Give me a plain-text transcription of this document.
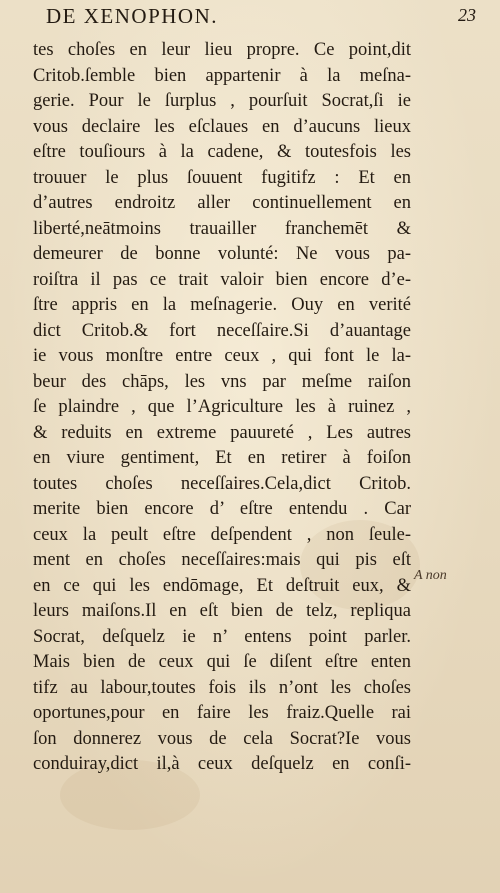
DE XENOPHON.	23
tes choſes en leur lieu propre. Ce point,dit
Critob.ſemble bien appartenir à la meſna-
gerie. Pour le ſurplus , pourſuit Socrat,ſi ie
vous declaire les eſclaues en d’aucuns lieux
eſtre touſiours à la cadene, & toutesfois les
trouuer le plus ſouuent fugitifz : Et en
d’autres endroitz aller continuellement en
liberté,neātmoins trauailler franchemēt &
demeurer de bonne volunté: Ne vous pa-
roiſtra il pas ce trait valoir bien encore d’e-
ſtre appris en la meſnagerie. Ouy en verité
dict Critob.& fort neceſſaire.Si d’auantage
ie vous monſtre entre ceux , qui font le la-
beur des chāps, les vns par meſme raiſon
ſe plaindre , que l’Agriculture les à ruinez ,
& reduits en extreme pauureté , Les autres
en viure gentiment, Et en retirer à foiſon
toutes choſes neceſſaires.Cela,dict Critob.
merite bien encore d’ eſtre entendu . Car
ceux la peult eſtre deſpendent , non ſeule-
ment en choſes neceſſaires:mais qui pis eſt
en ce qui les endōmage, Et deſtruit eux, &
leurs maiſons.Il en eſt bien de telz, repliqua
Socrat, deſquelz ie n’ entens point parler.
Mais bien de ceux qui ſe diſent eſtre enten
tifz au labour,toutes fois ils n’ont les choſes
oportunes,pour en faire les fraiz.Quelle rai
ſon donnerez vous de cela Socrat?Ie vous
conduiray,dict il,à ceux deſquelz en conſi-
A non
